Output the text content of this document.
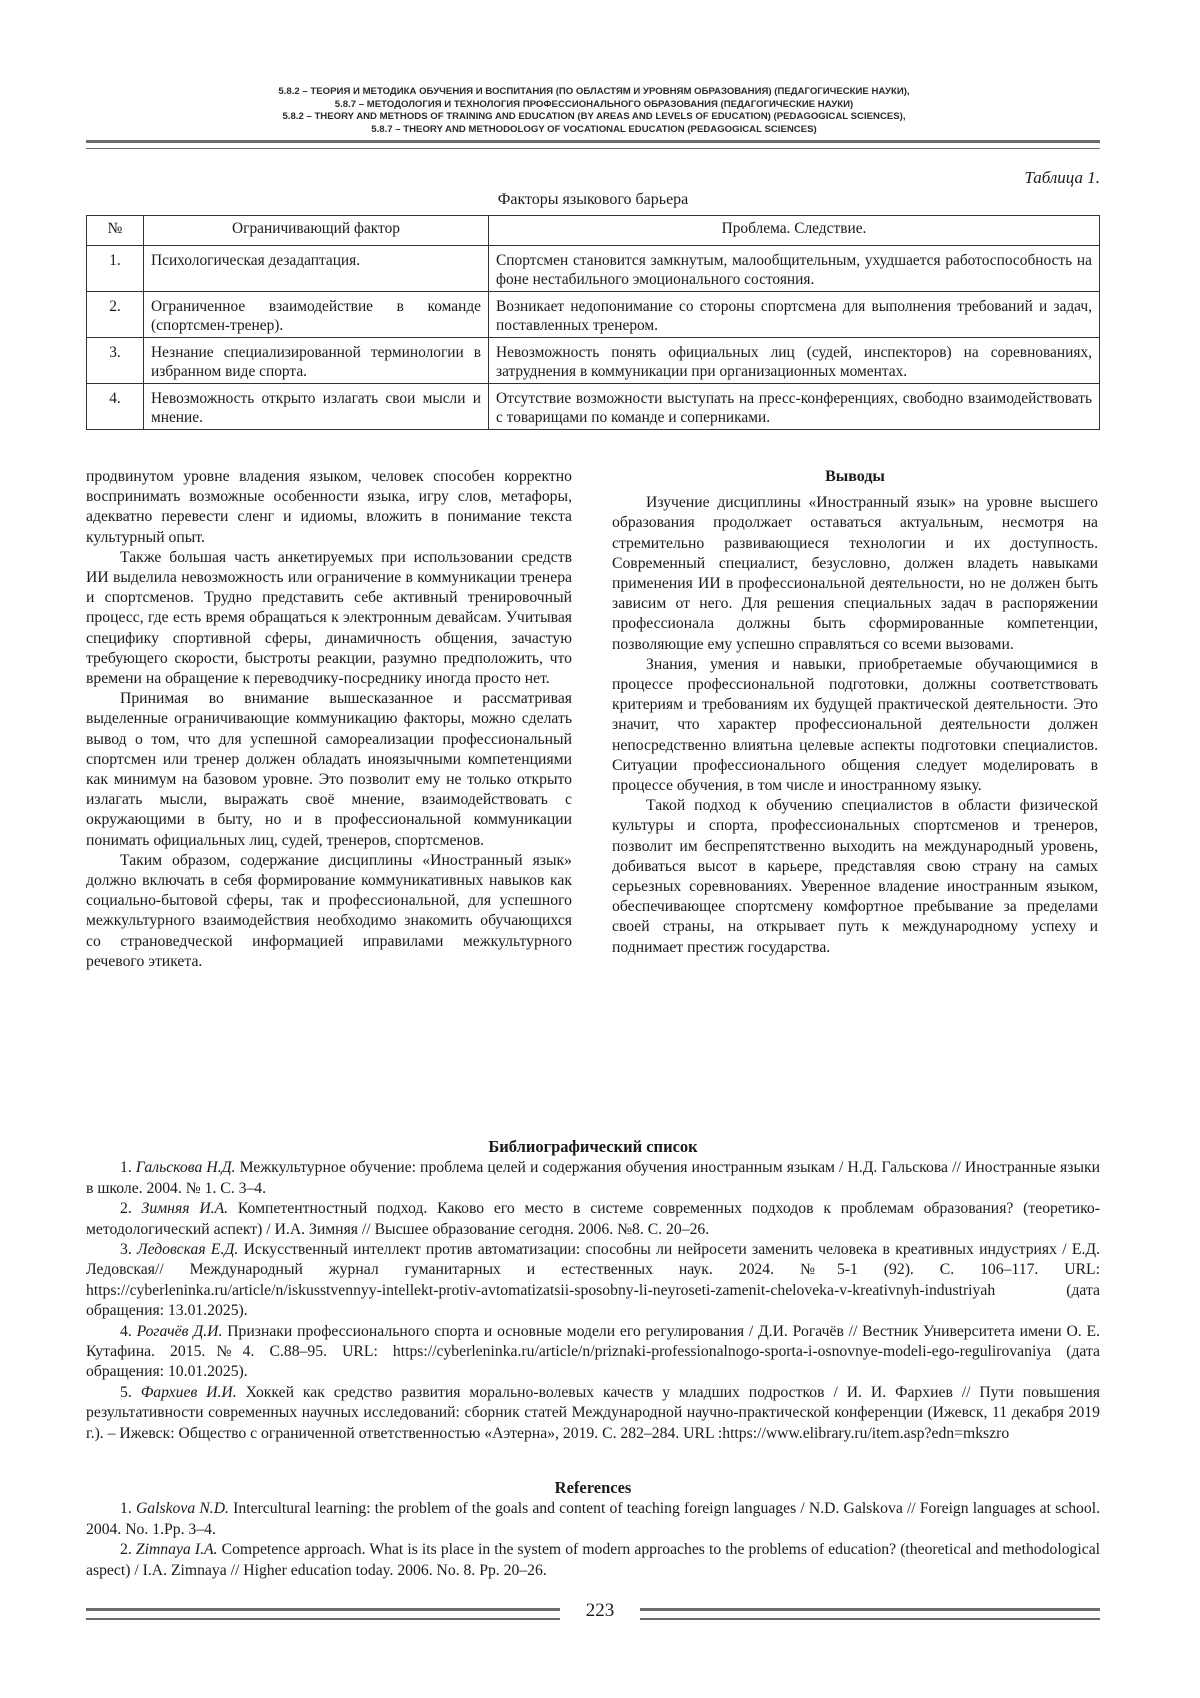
5.8.2 – ТЕОРИЯ И МЕТОДИКА ОБУЧЕНИЯ И ВОСПИТАНИЯ (ПО ОБЛАСТЯМ И УРОВНЯМ ОБРАЗОВАНИЯ) (ПЕДАГОГИЧЕСКИЕ НАУКИ),
5.8.7 – МЕТОДОЛОГИЯ И ТЕХНОЛОГИЯ ПРОФЕССИОНАЛЬНОГО ОБРАЗОВАНИЯ (ПЕДАГОГИЧЕСКИЕ НАУКИ)
5.8.2 – THEORY AND METHODS OF TRAINING AND EDUCATION (BY AREAS AND LEVELS OF EDUCATION) (PEDAGOGICAL SCIENCES),
5.8.7 – THEORY AND METHODOLOGY OF VOCATIONAL EDUCATION (PEDAGOGICAL SCIENCES)
Таблица 1.
Факторы языкового барьера
№	Ограничивающий фактор	Проблема. Следствие.
1.	Психологическая дезадаптация.	Спортсмен становится замкнутым, малообщительным, ухудшается работоспособность на фоне нестабильного эмоционального состояния.
2.	Ограниченное взаимодействие в команде (спортсмен-тренер).	Возникает недопонимание со стороны спортсмена для выполнения требований и задач, поставленных тренером.
3.	Незнание специализированной терминологии в избранном виде спорта.	Невозможность понять официальных лиц (судей, инспекторов) на соревнованиях, затруднения в коммуникации при организационных моментах.
4.	Невозможность открыто излагать свои мысли и мнение.	Отсутствие возможности выступать на пресс-конференциях, свободно взаимодействовать с товарищами по команде и соперниками.

продвинутом уровне владения языком, человек способен корректно воспринимать возможные особенности языка, игру слов, метафоры, адекватно перевести сленг и идиомы, вложить в понимание текста культурный опыт.

Также большая часть анкетируемых при использовании средств ИИ выделила невозможность или ограничение в коммуникации тренера и спортсменов. Трудно представить себе активный тренировочный процесс, где есть время обращаться к электронным девайсам. Учитывая специфику спортивной сферы, динамичность общения, зачастую требующего скорости, быстроты реакции, разумно предположить, что времени на обращение к переводчику-посреднику иногда просто нет.

Принимая во внимание вышесказанное и рассматривая выделенные ограничивающие коммуникацию факторы, можно сделать вывод о том, что для успешной самореализации профессиональный спортсмен или тренер должен обладать иноязычными компетенциями как минимум на базовом уровне. Это позволит ему не только открыто излагать мысли, выражать своё мнение, взаимодействовать с окружающими в быту, но и в профессиональной коммуникации понимать официальных лиц, судей, тренеров, спортсменов.

Таким образом, содержание дисциплины «Иностранный язык» должно включать в себя формирование коммуникативных навыков как социально-бытовой сферы, так и профессиональной, для успешного межкультурного взаимодействия необходимо знакомить обучающихся со страноведческой информацией иправилами межкультурного речевого этикета.

Выводы

Изучение дисциплины «Иностранный язык» на уровне высшего образования продолжает оставаться актуальным, несмотря на стремительно развивающиеся технологии и их доступность. Современный специалист, безусловно, должен владеть навыками применения ИИ в профессиональной деятельности, но не должен быть зависим от него. Для решения специальных задач в распоряжении профессионала должны быть сформированные компетенции, позволяющие ему успешно справляться со всеми вызовами.

Знания, умения и навыки, приобретаемые обучающимися в процессе профессиональной подготовки, должны соответствовать критериям и требованиям их будущей практической деятельности. Это значит, что характер профессиональной деятельности должен непосредственно влиятьна целевые аспекты подготовки специалистов. Ситуации профессионального общения следует моделировать в процессе обучения, в том числе и иностранному языку.

Такой подход к обучению специалистов в области физической культуры и спорта, профессиональных спортсменов и тренеров, позволит им беспрепятственно выходить на международный уровень, добиваться высот в карьере, представляя свою страну на самых серьезных соревнованиях. Уверенное владение иностранным языком, обеспечивающее спортсмену комфортное пребывание за пределами своей страны, на открывает путь к международному успеху и поднимает престиж государства.

Библиографический список

1. Гальскова Н.Д. Межкультурное обучение: проблема целей и содержания обучения иностранным языкам / Н.Д. Гальскова // Иностранные языки в школе. 2004. № 1. С. 3–4.

2. Зимняя И.А. Компетентностный подход. Каково его место в системе современных подходов к проблемам образования? (теоретико-методологический аспект) / И.А. Зимняя // Высшее образование сегодня. 2006. №8. С. 20–26.

3. Ледовская Е.Д. Искусственный интеллект против автоматизации: способны ли нейросети заменить человека в креативных индустриях / Е.Д. Ледовская// Международный журнал гуманитарных и естественных наук. 2024. №5-1 (92). С. 106–117. URL: https://cyberleninka.ru/article/n/iskusstvennyy-intellekt-protiv-avtomatizatsii-sposobny-li-neyroseti-zamenit-cheloveka-v-kreativnyh-industriyah (дата обращения: 13.01.2025).

4. Рогачёв Д.И. Признаки профессионального спорта и основные модели его регулирования / Д.И. Рогачёв // Вестник Университета имени О. Е. Кутафина. 2015.№4. С.88–95. URL: https://cyberleninka.ru/article/n/priznaki-professionalnogo-sporta-i-osnovnye-modeli-ego-regulirovaniya (дата обращения: 10.01.2025).

5. Фархиев И.И. Хоккей как средство развития морально-волевых качеств у младших подростков / И. И. Фархиев // Пути повышения результативности современных научных исследований: сборник статей Международной научно-практической конференции (Ижевск, 11 декабря 2019 г.). – Ижевск: Общество с ограниченной ответственностью «Аэтерна», 2019. С. 282–284. URL :https://www.elibrary.ru/item.asp?edn=mkszro

References

1. Galskova N.D. Intercultural learning: the problem of the goals and content of teaching foreign languages / N.D. Galskova // Foreign languages at school. 2004. No. 1.Pp. 3–4.

2. Zimnaya I.A. Competence approach. What is its place in the system of modern approaches to the problems of education? (theoretical and methodological aspect) / I.A. Zimnaya // Higher education today. 2006. No. 8. Pp. 20–26.

223
